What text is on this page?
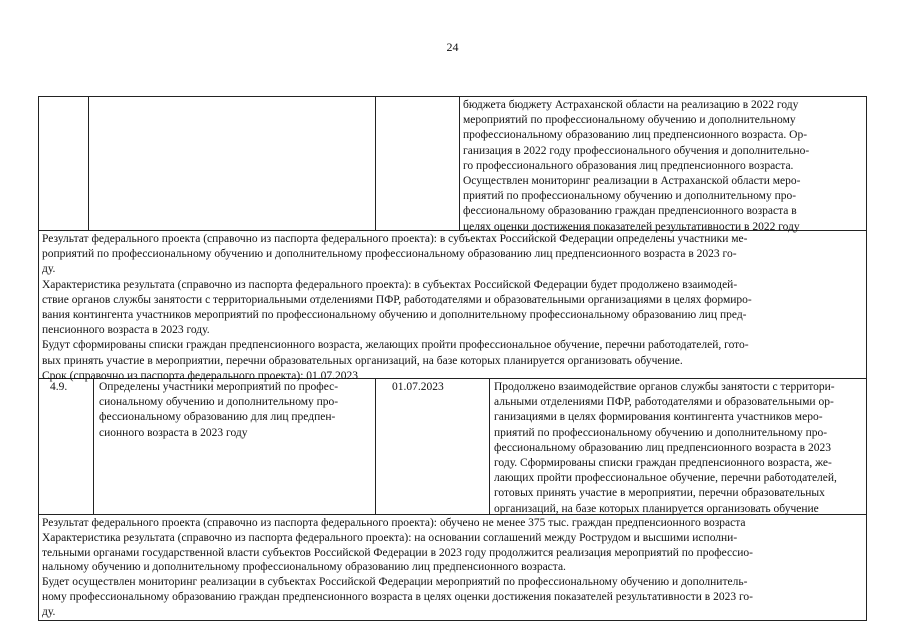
24

бюджета бюджету Астраханской области на реализацию в 2022 году

мероприятий по профессиональному обучению и дополнительному

профессиональному образованию лиц предпенсионного возраста. Ор-

ганизация в 2022 году профессионального обучения и дополнительно-

го профессионального образования лиц предпенсионного возраста.

Осуществлен мониторинг реализации в Астраханской области меро-

приятий по профессиональному обучению и дополнительному про-

фессиональному образованию граждан предпенсионного возраста в

целях оценки достижения показателей результативности в 2022 году

Результат федерального проекта (справочно из паспорта федерального проекта): в субъектах Российской Федерации определены участники ме-

роприятий по профессиональному обучению и дополнительному профессиональному образованию лиц предпенсионного возраста в 2023 го-

ду.

Характеристика результата (справочно из паспорта федерального проекта): в субъектах Российской Федерации будет продолжено взаимодей-

ствие органов службы занятости с территориальными отделениями ПФР, работодателями и образовательными организациями в целях формиро-

вания контингента участников мероприятий по профессиональному обучению и дополнительному профессиональному образованию лиц пред-

пенсионного возраста в 2023 году.

Будут сформированы списки граждан предпенсионного возраста, желающих пройти профессиональное обучение, перечни работодателей, гото-

вых принять участие в мероприятии, перечни образовательных организаций, на базе которых планируется организовать обучение.

Срок (справочно из паспорта федерального проекта): 01.07.2023

4.9.	Определены участники мероприятий по профес-

сиональному обучению и дополнительному про-

фессиональному образованию для лиц предпен-

сионного возраста в 2023 году

01.07.2023	Продолжено взаимодействие органов службы занятости с территори-

альными отделениями ПФР, работодателями и образовательными ор-

ганизациями в целях формирования контингента участников меро-

приятий по профессиональному обучению и дополнительному про-

фессиональному образованию лиц предпенсионного возраста в 2023

году. Сформированы списки граждан предпенсионного возраста, же-

лающих пройти профессиональное обучение, перечни работодателей,

готовых принять участие в мероприятии, перечни образовательных

организаций, на базе которых планируется организовать обучение

Результат федерального проекта (справочно из паспорта федерального проекта): обучено не менее 375 тыс. граждан предпенсионного возраста

Характеристика результата (справочно из паспорта федерального проекта): на основании соглашений между Рострудом и высшими исполни-

тельными органами государственной власти субъектов Российской Федерации в 2023 году продолжится реализация мероприятий по профессио-

нальному обучению и дополнительному профессиональному образованию лиц предпенсионного возраста.

Будет осуществлен мониторинг реализации в субъектах Российской Федерации мероприятий по профессиональному обучению и дополнитель-

ному профессиональному образованию граждан предпенсионного возраста в целях оценки достижения показателей результативности в 2023 го-

ду.
